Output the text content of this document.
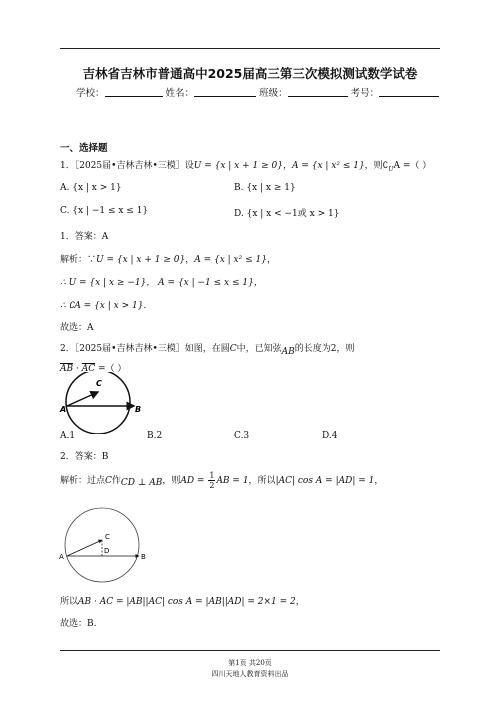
吉林省吉林市普通高中2025届高三第三次模拟测试数学试卷
学校：	姓名：	班级：	考号：
一、选择题
1．［2025届•吉林吉林•三模］设U = {x | x + 1 ≥ 0}，A = {x | x² ≤ 1}，则$∁_UA$ =（ ）
A. {x | x > 1}	B. {x | x ≥ 1}
C. {x | −1 ≤ x ≤ 1}	D. {x | x < −1或 x > 1}
1．答案：A
解析：∵U = {x | x + 1 ≥ 0}，A = {x | x² ≤ 1}，
∴ U = {x | x ≥ −1}， A = {x | −1 ≤ x ≤ 1}，
∴ ∁A = {x | x > 1}．
故选：A
2．［2025届•吉林吉林•三模］如图，在圆C中，已知弦AB的长度为2，则
$\overline{AB} \cdot \overline{AC}$ =（ ）
A	B
C
A.1	B.2	C.3	D.4
2．答案：B
解析：过点C作CD ⊥ AB，则AD = $\frac{1}{2}$ AB = 1，所以|AC| cos A = |AD| = 1，
A	B
C
D
所以AB · AC = |AB||AC| cos A = |AB||AD| = 2×1 = 2，
故选：B.
第1页 共20页
四川天地人教育资料出品
